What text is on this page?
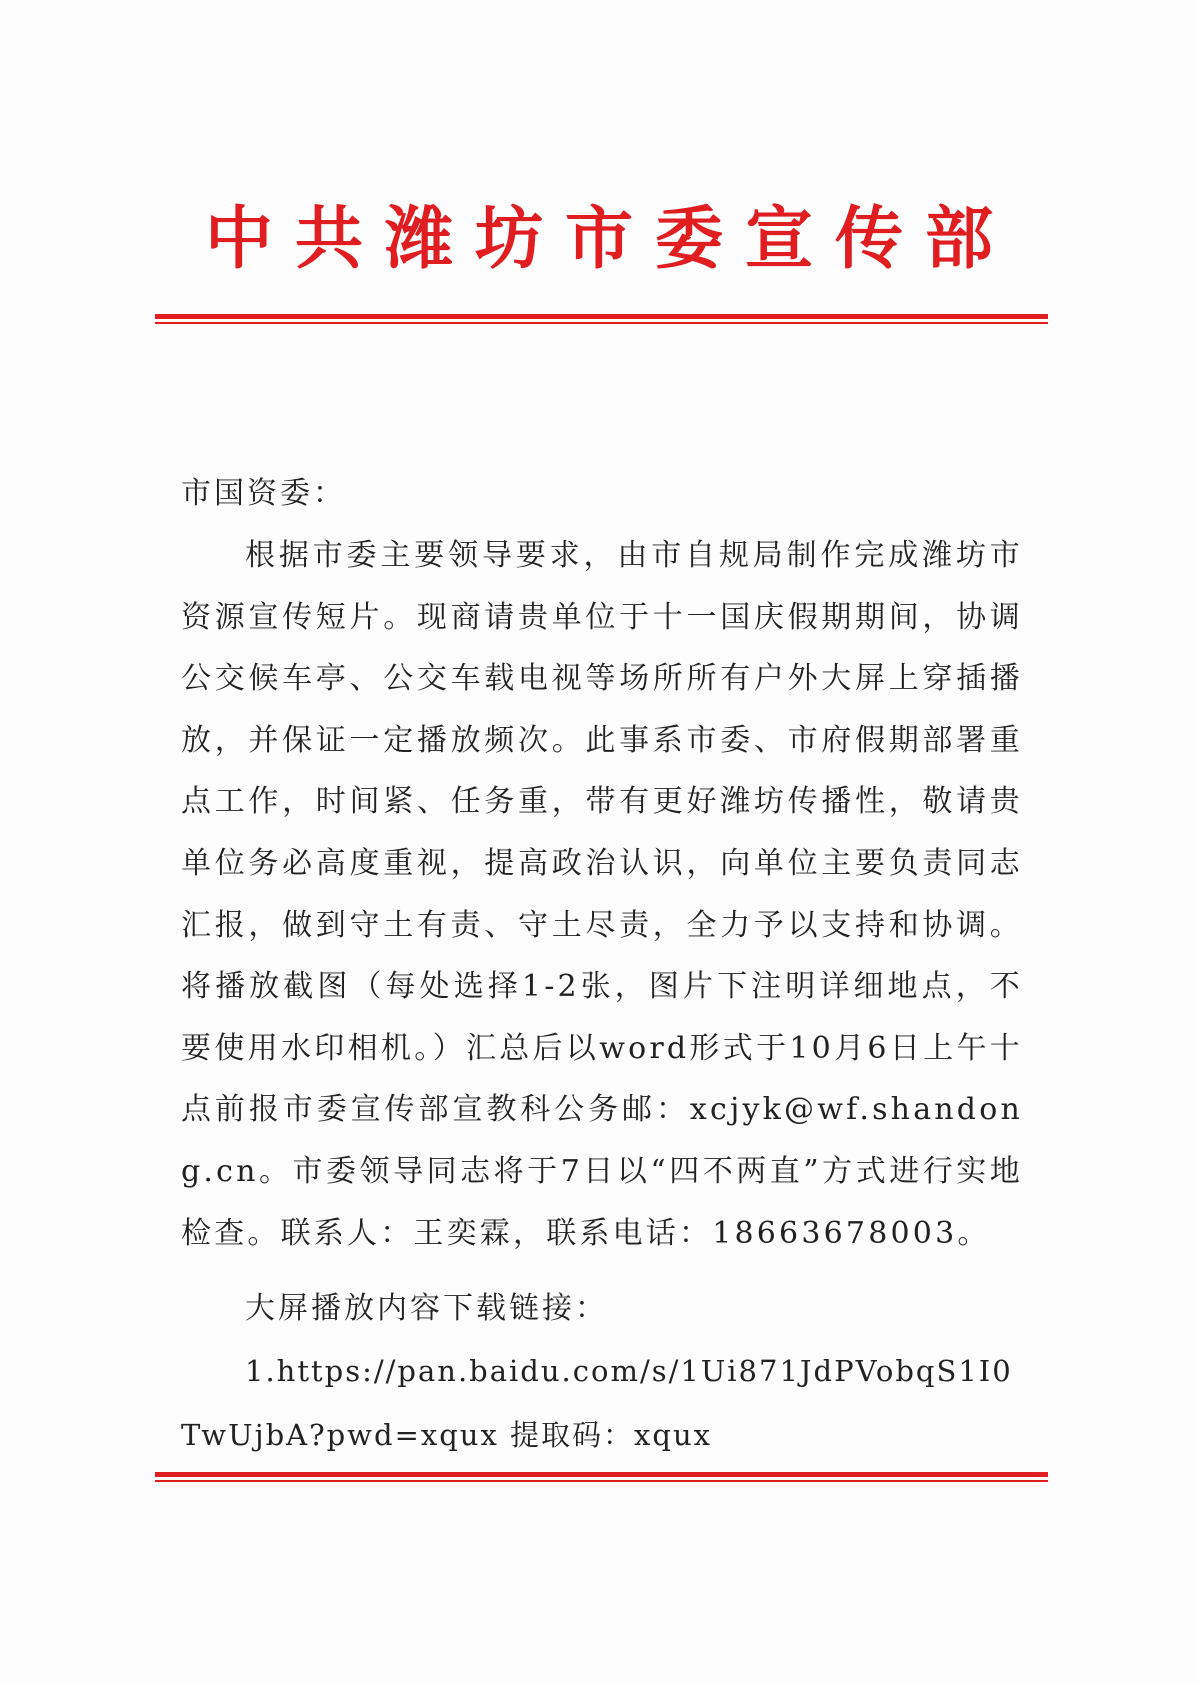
中共潍坊市委宣传部
市国资委：
根据市委主要领导要求，由市自规局制作完成潍坊市资源宣传短片。现商请贵单位于十一国庆假期期间，协调公交候车亭、公交车载电视等场所所有户外大屏上穿插播放，并保证一定播放频次。此事系市委、市府假期部署重点工作，时间紧、任务重，带有更好潍坊传播性，敬请贵单位务必高度重视，提高政治认识，向单位主要负责同志汇报，做到守土有责、守土尽责，全力予以支持和协调。将播放截图（每处选择1-2张，图片下注明详细地点，不要使用水印相机。）汇总后以word形式于10月6日上午十点前报市委宣传部宣教科公务邮：xcjyk@wf.shandong.cn。市委领导同志将于7日以“四不两直”方式进行实地检查。联系人：王奕霖，联系电话：18663678003。
大屏播放内容下载链接：
1.https://pan.baidu.com/s/1Ui871JdPVobqS1I0TwUjbA?pwd=xqux 提取码：xqux
